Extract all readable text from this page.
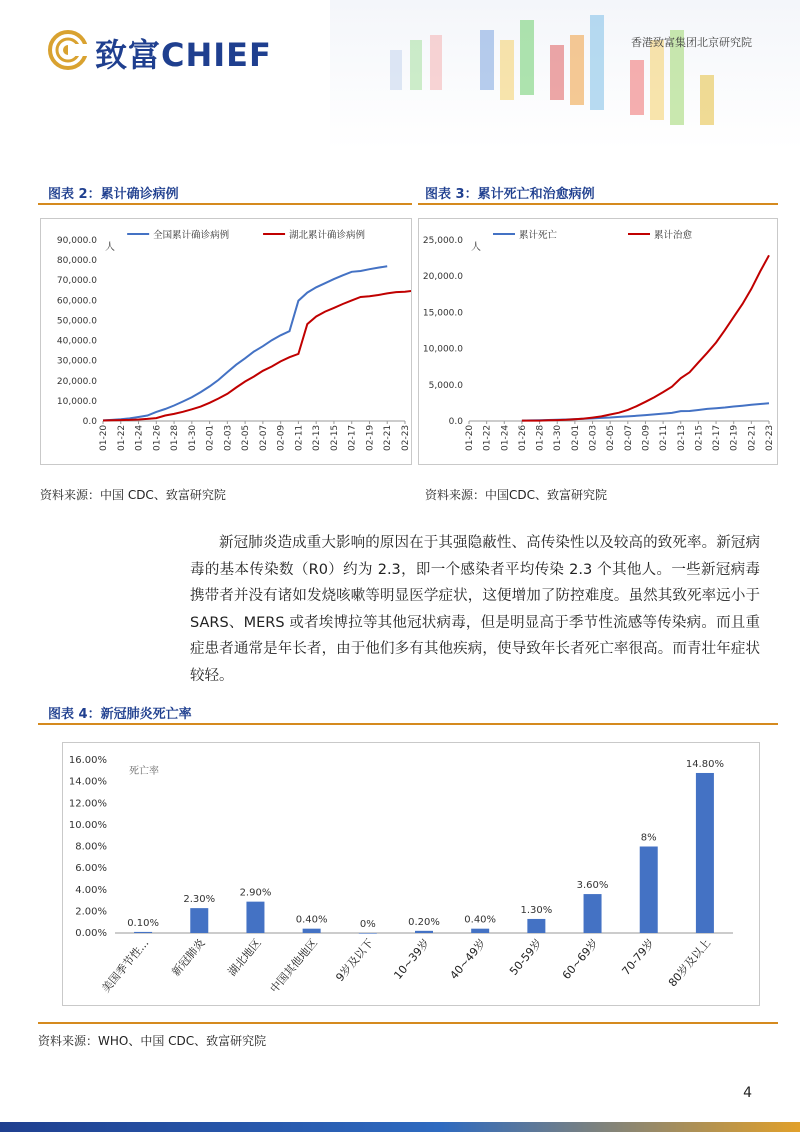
致富CHIEF	香港致富集团北京研究院
图表 2：累计确诊病例
0.0
10,000.0
20,000.0
30,000.0
40,000.0
50,000.0
60,000.0
70,000.0
80,000.0
90,000.0
01-20 01-22 01-24 01-26 01-28 01-30 02-01 02-03 02-05 02-07 02-09 02-11 02-13 02-15 02-17 02-19 02-21 02-23
人
全国累计确诊病例	湖北累计确诊病例
资料来源：中国 CDC、致富研究院
图表 3：累计死亡和治愈病例
0.0
5,000.0
10,000.0
15,000.0
20,000.0
25,000.0
01-20 01-22 01-24 01-26 01-28 01-30 02-01 02-03 02-05 02-07 02-09 02-11 02-13 02-15 02-17 02-19 02-21 02-23
人
累计死亡	累计治愈
资料来源：中国CDC、致富研究院
新冠肺炎造成重大影响的原因在于其强隐蔽性、高传染性以及较高的致死率。新冠病毒的基本传染数（R0）约为 2.3，即一个感染者平均传染 2.3 个其他人。一些新冠病毒携带者并没有诸如发烧咳嗽等明显医学症状，这便增加了防控难度。虽然其致死率远小于 SARS、MERS 或者埃博拉等其他冠状病毒，但是明显高于季节性流感等传染病。而且重症患者通常是年长者，由于他们多有其他疾病，使导致年长者死亡率很高。而青壮年症状较轻。
图表 4：新冠肺炎死亡率
0.00%
2.00%
4.00%
6.00%
8.00%
10.00%
12.00%
14.00%
16.00%
死亡率
0.10%
美国季节性...
2.30%
新冠肺炎
2.90%
湖北地区
0.40%
中国其他地区
0%
9岁及以下
0.20%
10~39岁
0.40%
40~49岁
1.30%
50-59岁
3.60%
60~69岁
8%
70-79岁
14.80%
80岁及以上
资料来源：WHO、中国 CDC、致富研究院
4
